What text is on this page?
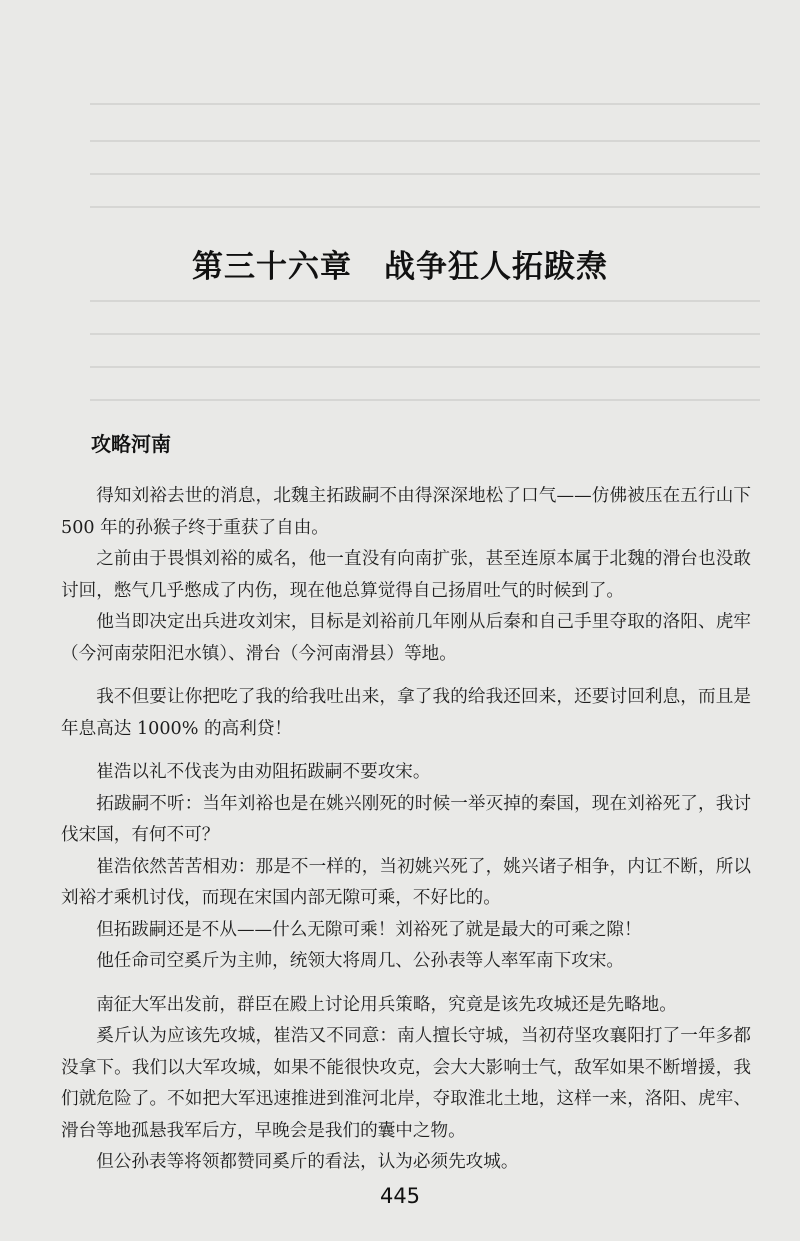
第三十六章　战争狂人拓跋焘
攻略河南

得知刘裕去世的消息，北魏主拓跋嗣不由得深深地松了口气——仿佛被压在五行山下 500 年的孙猴子终于重获了自由。

之前由于畏惧刘裕的威名，他一直没有向南扩张，甚至连原本属于北魏的滑台也没敢讨回，憋气几乎憋成了内伤，现在他总算觉得自己扬眉吐气的时候到了。

他当即决定出兵进攻刘宋，目标是刘裕前几年刚从后秦和自己手里夺取的洛阳、虎牢（今河南荥阳汜水镇）、滑台（今河南滑县）等地。

我不但要让你把吃了我的给我吐出来，拿了我的给我还回来，还要讨回利息，而且是年息高达 1000% 的高利贷！

崔浩以礼不伐丧为由劝阻拓跋嗣不要攻宋。

拓跋嗣不听：当年刘裕也是在姚兴刚死的时候一举灭掉的秦国，现在刘裕死了，我讨伐宋国，有何不可？

崔浩依然苦苦相劝：那是不一样的，当初姚兴死了，姚兴诸子相争，内讧不断，所以刘裕才乘机讨伐，而现在宋国内部无隙可乘，不好比的。

但拓跋嗣还是不从——什么无隙可乘！刘裕死了就是最大的可乘之隙！

他任命司空奚斤为主帅，统领大将周几、公孙表等人率军南下攻宋。

南征大军出发前，群臣在殿上讨论用兵策略，究竟是该先攻城还是先略地。

奚斤认为应该先攻城，崔浩又不同意：南人擅长守城，当初苻坚攻襄阳打了一年多都没拿下。我们以大军攻城，如果不能很快攻克，会大大影响士气，敌军如果不断增援，我们就危险了。不如把大军迅速推进到淮河北岸，夺取淮北土地，这样一来，洛阳、虎牢、滑台等地孤悬我军后方，早晚会是我们的囊中之物。

但公孙表等将领都赞同奚斤的看法，认为必须先攻城。

445
